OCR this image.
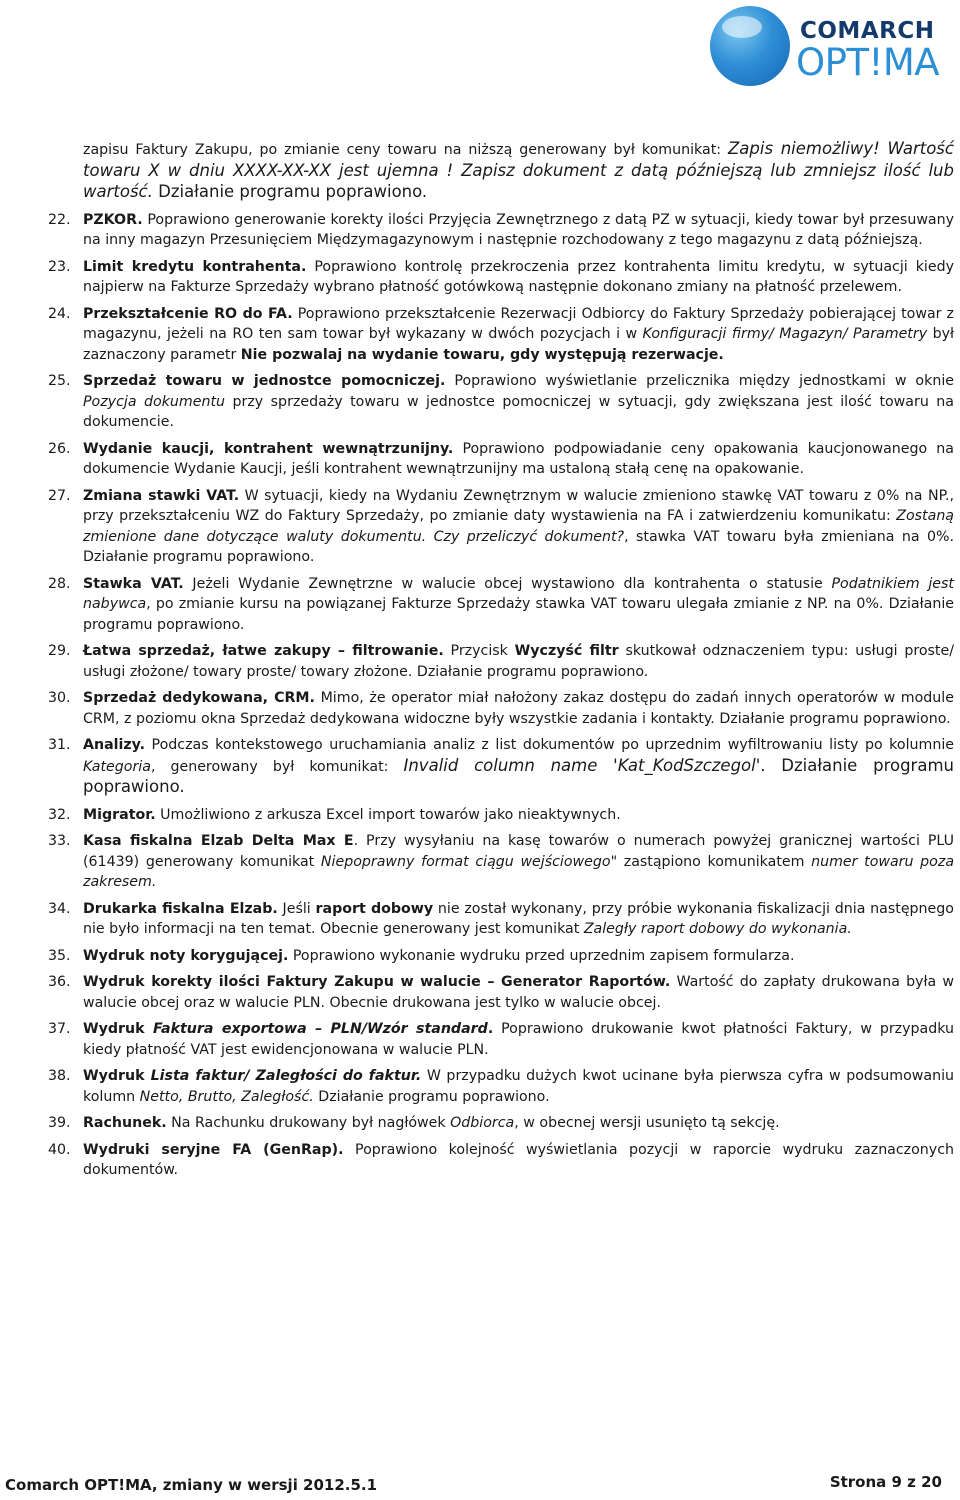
COMARCH
OPT!MA
zapisu Faktury Zakupu, po zmianie ceny towaru na niższą generowany był komunikat: Zapis niemożliwy! Wartość towaru X w dniu XXXX-XX-XX jest ujemna ! Zapisz dokument z datą późniejszą lub zmniejsz ilość lub wartość. Działanie programu poprawiono.
22. PZKOR. Poprawiono generowanie korekty ilości Przyjęcia Zewnętrznego z datą PZ w sytuacji, kiedy towar był przesuwany na inny magazyn Przesunięciem Międzymagazynowym i następnie rozchodowany z tego magazynu z datą późniejszą.
23. Limit kredytu kontrahenta. Poprawiono kontrolę przekroczenia przez kontrahenta limitu kredytu, w sytuacji kiedy najpierw na Fakturze Sprzedaży wybrano płatność gotówkową następnie dokonano zmiany na płatność przelewem.
24. Przekształcenie RO do FA. Poprawiono przekształcenie Rezerwacji Odbiorcy do Faktury Sprzedaży pobierającej towar z magazynu, jeżeli na RO ten sam towar był wykazany w dwóch pozycjach i w Konfiguracji firmy/ Magazyn/ Parametry był zaznaczony parametr Nie pozwalaj na wydanie towaru, gdy występują rezerwacje.
25. Sprzedaż towaru w jednostce pomocniczej. Poprawiono wyświetlanie przelicznika między jednostkami w oknie Pozycja dokumentu przy sprzedaży towaru w jednostce pomocniczej w sytuacji, gdy zwiększana jest ilość towaru na dokumencie.
26. Wydanie kaucji, kontrahent wewnątrzunijny. Poprawiono podpowiadanie ceny opakowania kaucjonowanego na dokumencie Wydanie Kaucji, jeśli kontrahent wewnątrzunijny ma ustaloną stałą cenę na opakowanie.
27. Zmiana stawki VAT. W sytuacji, kiedy na Wydaniu Zewnętrznym w walucie zmieniono stawkę VAT towaru z 0% na NP., przy przekształceniu WZ do Faktury Sprzedaży, po zmianie daty wystawienia na FA i zatwierdzeniu komunikatu: Zostaną zmienione dane dotyczące waluty dokumentu. Czy przeliczyć dokument?, stawka VAT towaru była zmieniana na 0%. Działanie programu poprawiono.
28. Stawka VAT. Jeżeli Wydanie Zewnętrzne w walucie obcej wystawiono dla kontrahenta o statusie Podatnikiem jest nabywca, po zmianie kursu na powiązanej Fakturze Sprzedaży stawka VAT towaru ulegała zmianie z NP. na 0%. Działanie programu poprawiono.
29. Łatwa sprzedaż, łatwe zakupy – filtrowanie. Przycisk Wyczyść filtr skutkował odznaczeniem typu: usługi proste/ usługi złożone/ towary proste/ towary złożone. Działanie programu poprawiono.
30. Sprzedaż dedykowana, CRM. Mimo, że operator miał nałożony zakaz dostępu do zadań innych operatorów w module CRM, z poziomu okna Sprzedaż dedykowana widoczne były wszystkie zadania i kontakty. Działanie programu poprawiono.
31. Analizy. Podczas kontekstowego uruchamiania analiz z list dokumentów po uprzednim wyfiltrowaniu listy po kolumnie Kategoria, generowany był komunikat: Invalid column name 'Kat_KodSzczegol'. Działanie programu poprawiono.
32. Migrator. Umożliwiono z arkusza Excel import towarów jako nieaktywnych.
33. Kasa fiskalna Elzab Delta Max E. Przy wysyłaniu na kasę towarów o numerach powyżej granicznej wartości PLU (61439) generowany komunikat Niepoprawny format ciągu wejściowego" zastąpiono komunikatem numer towaru poza zakresem.
34. Drukarka fiskalna Elzab. Jeśli raport dobowy nie został wykonany, przy próbie wykonania fiskalizacji dnia następnego nie było informacji na ten temat. Obecnie generowany jest komunikat Zaległy raport dobowy do wykonania.
35. Wydruk noty korygującej. Poprawiono wykonanie wydruku przed uprzednim zapisem formularza.
36. Wydruk korekty ilości Faktury Zakupu w walucie – Generator Raportów. Wartość do zapłaty drukowana była w walucie obcej oraz w walucie PLN. Obecnie drukowana jest tylko w walucie obcej.
37. Wydruk Faktura exportowa – PLN/Wzór standard. Poprawiono drukowanie kwot płatności Faktury, w przypadku kiedy płatność VAT jest ewidencjonowana w walucie PLN.
38. Wydruk Lista faktur/ Zaległości do faktur. W przypadku dużych kwot ucinane była pierwsza cyfra w podsumowaniu kolumn Netto, Brutto, Zaległość. Działanie programu poprawiono.
39. Rachunek. Na Rachunku drukowany był nagłówek Odbiorca, w obecnej wersji usunięto tą sekcję.
40. Wydruki seryjne FA (GenRap). Poprawiono kolejność wyświetlania pozycji w raporcie wydruku zaznaczonych dokumentów.
Comarch OPT!MA, zmiany w wersji 2012.5.1	Strona 9 z 20
